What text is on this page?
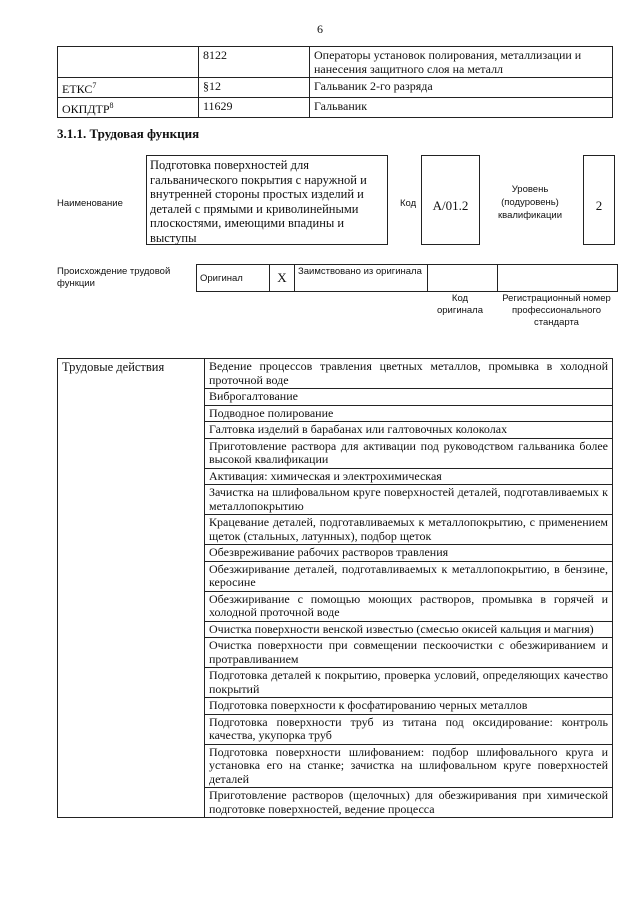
6
	8122	Операторы установок полирования, металлизации и нанесения защитного слоя на металл
ЕТКС$^7$	§12	Гальваник 2-го разряда
ОКПДТР$^8$	11629	Гальваник
3.1.1. Трудовая функция
Наименование
Подготовка поверхностей для гальванического покрытия с наружной и внутренней стороны простых изделий и деталей с прямыми и криволинейными плоскостями, имеющими впадины и выступы
Код	А/01.2
Уровень (подуровень) квалификации
2
Происхождение трудовой функции	Оригинал	X	Заимствовано из оригинала		
Код оригинала
Регистрационный номер профессионального стандарта
Трудовые действия	Ведение процессов травления цветных металлов, промывка в холодной проточной воде
Виброгалтование
Подводное полирование
Галтовка изделий в барабанах или галтовочных колоколах
Приготовление раствора для активации под руководством гальваника более высокой квалификации
Активация: химическая и электрохимическая
Зачистка на шлифовальном круге поверхностей деталей, подготавливаемых к металлопокрытию
Крацевание деталей, подготавливаемых к металлопокрытию, с применением щеток (стальных, латунных), подбор щеток
Обезвреживание рабочих растворов травления
Обезжиривание деталей, подготавливаемых к металлопокрытию, в бензине, керосине
Обезжиривание с помощью моющих растворов, промывка в горячей и холодной проточной воде
Очистка поверхности венской известью (смесью окисей кальция и магния)
Очистка поверхности при совмещении пескоочистки с обезжириванием и протравливанием
Подготовка деталей к покрытию, проверка условий, определяющих качество покрытий
Подготовка поверхности к фосфатированию черных металлов
Подготовка поверхности труб из титана под оксидирование: контроль качества, укупорка труб
Подготовка поверхности шлифованием: подбор шлифовального круга и установка его на станке; зачистка на шлифовальном круге поверхностей деталей
Приготовление растворов (щелочных) для обезжиривания при химической подготовке поверхностей, ведение процесса
